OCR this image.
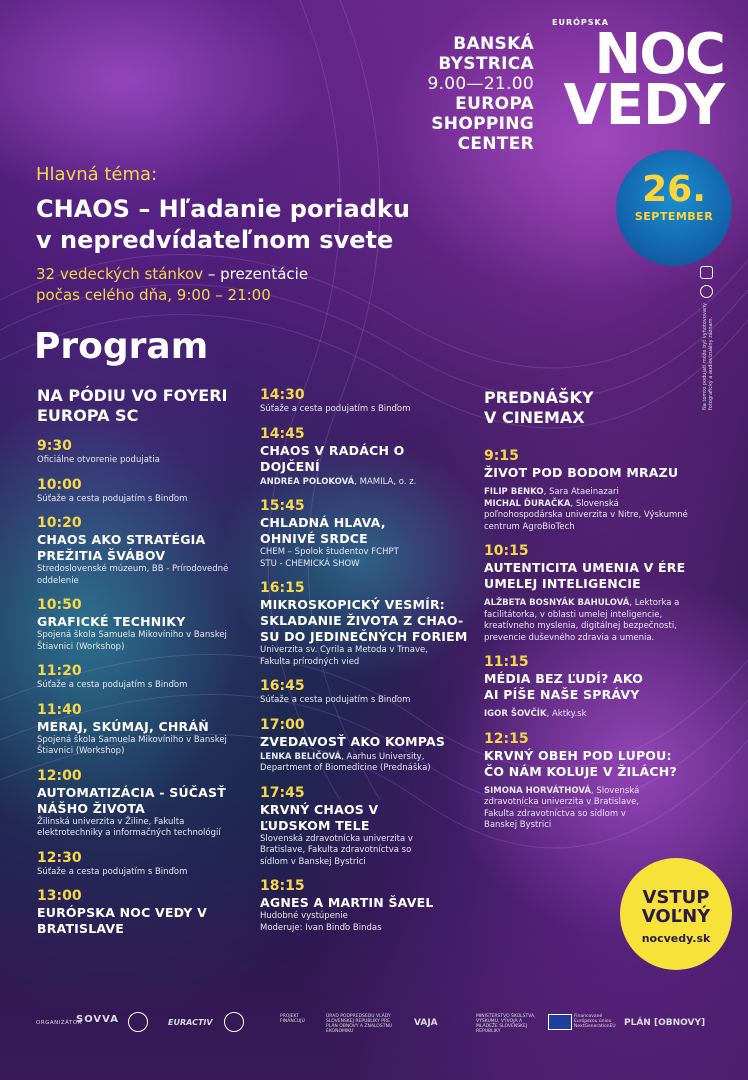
BANSKÁ BYSTRICA
9.00—21.00
EUROPA
SHOPPING
CENTER
EURÓPSKA
NOC
VEDY
26.
SEPTEMBER
Hlavná téma:
CHAOS – Hľadanie poriadku
v nepredvídateľnom svete
32 vedeckých stánkov – prezentácie
počas celého dňa, 9:00 – 21:00
Program	Na tomto podujatí môže byť vyhotovovaný fotografický a audiovizuálny záznam.
NA PÓDIU VO FOYERI
EUROPA SC
9:30
Oficiálne otvorenie podujatia
10:00
Súťaže a cesta podujatím s Binďom
10:20
CHAOS AKO STRATÉGIA PREŽITIA ŠVÁBOV
Stredoslovenské múzeum, BB - Prírodovedné oddelenie
10:50
GRAFICKÉ TECHNIKY
Spojená škola Samuela Mikovíniho v Banskej Štiavnici (Workshop)
11:20
Súťaže a cesta podujatím s Binďom
11:40
MERAJ, SKÚMAJ, CHRÁŇ
Spojená škola Samuela Mikovíniho v Banskej Štiavnici (Workshop)
12:00
AUTOMATIZÁCIA - SÚČASŤ NÁŠHO ŽIVOTA
Žilinská univerzita v Žiline, Fakulta elektrotechniky a informačných technológií
12:30
Súťaže a cesta podujatím s Binďom
13:00
EURÓPSKA NOC VEDY V BRATISLAVE
14:30
Súťaže a cesta podujatím s Binďom
14:45
CHAOS V RADÁCH O DOJČENÍ
ANDREA POLOKOVÁ, MAMILA, o. z.
15:45
CHLADNÁ HLAVA, OHNIVÉ SRDCE
CHEM – Spolok študentov FCHPT STU - CHEMICKÁ SHOW
16:15
MIKROSKOPICKÝ VESMÍR: SKLADANIE ŽIVOTA Z CHAO-SU DO JEDINEČNÝCH FORIEM
Univerzita sv. Cyrila a Metoda v Trnave, Fakulta prírodných vied
16:45
Súťaže a cesta podujatím s Binďom
17:00
ZVEDAVOSŤ AKO KOMPAS
LENKA BELIČOVÁ, Aarhus University, Department of Biomedicine (Prednáška)
17:45
KRVNÝ CHAOS V ĽUDSKOM TELE
Slovenská zdravotnícka univerzita v Bratislave, Fakulta zdravotníctva so sídlom v Banskej Bystrici
18:15
AGNES A MARTIN ŠAVEL
Hudobné vystúpenie
Moderuje: Ivan Binďo Bindas
PREDNÁŠKY
V CINEMAX
9:15
ŽIVOT POD BODOM MRAZU
FILIP BENKO, Sara Ataeinazari
MICHAL ĎURAČKA, Slovenská poľnohospodárska univerzita v Nitre, Výskumné centrum AgroBioTech
10:15
AUTENTICITA UMENIA V ÉRE UMELEJ INTELIGENCIE
ALŽBETA BOSNYÁK BAHULOVÁ, Lektorka a facilitátorka, v oblasti umelej inteligencie, kreatívneho myslenia, digitálnej bezpečnosti, prevencie duševného zdravia a umenia.
11:15
MÉDIA BEZ ĽUDÍ? AKO AI PÍŠE NAŠE SPRÁVY
IGOR ŠOVČÍK, Aktky.sk
12:15
KRVNÝ OBEH POD LUPOU: ČO NÁM KOLUJE V ŽILÁCH?
SIMONA HORVÁTHOVÁ, Slovenská zdravotnícka univerzita v Bratislave, Fakulta zdravotníctva so sídlom v Banskej Bystrici
VSTUP
VOĽNÝ
nocvedy.sk
ORGANIZÁTOR
SOVVA	EURACTIV
PROJEKT FINANCUJÚ
ÚRAD PODPREDSEDU VLÁDY SLOVENSKEJ REPUBLIKY PRE PLÁN OBNOVY A ZNALOSTNÚ EKONOMIKU
VAJA
MINISTERSTVO ŠKOLSTVA, VÝSKUMU, VÝVOJA A MLÁDEŽE SLOVENSKEJ REPUBLIKY
Financované Európskou úniou NextGenerationEU PLÁN [OBNOVY]
